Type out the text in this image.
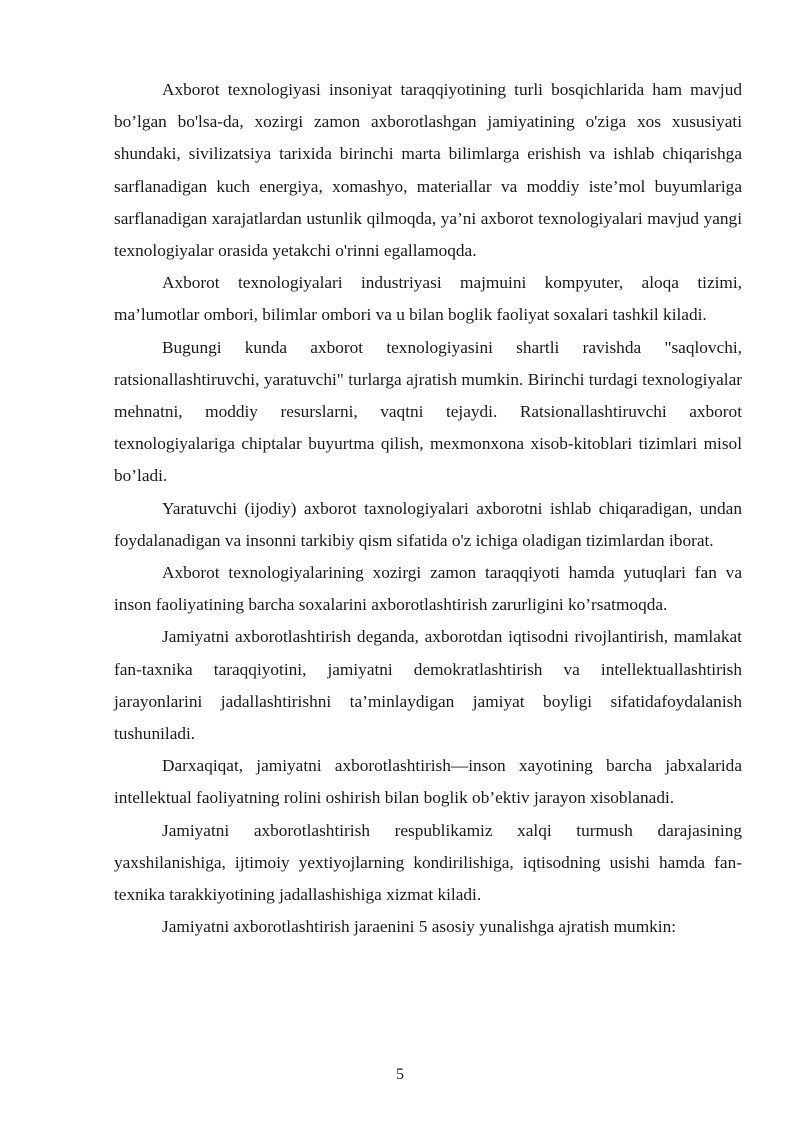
Axborot texnologiyasi insoniyat taraqqiyotining turli bosqichlarida ham mavjud bo’lgan bo'lsa-da, xozirgi zamon axborotlashgan jamiyatining o'ziga xos xususiyati shundaki, sivilizatsiya tarixida birinchi marta bilimlarga erishish va ishlab chiqarishga sarflanadigan kuch energiya, xomashyo, materiallar va moddiy iste’mol buyumlariga sarflanadigan xarajatlardan ustunlik qilmoqda, ya’ni axborot texnologiyalari mavjud yangi texnologiyalar orasida yetakchi o'rinni egallamoqda.

Axborot texnologiyalari industriyasi majmuini kompyuter, aloqa tizimi, ma’lumotlar ombori, bilimlar ombori va u bilan boglik faoliyat soxalari tashkil kiladi.

Bugungi kunda axborot texnologiyasini shartli ravishda "saqlovchi, ratsionallashtiruvchi, yaratuvchi" turlarga ajratish mumkin. Birinchi turdagi texnologiyalar mehnatni, moddiy resurslarni, vaqtni tejaydi. Ratsionallashtiruvchi axborot texnologiyalariga chiptalar buyurtma qilish, mexmonxona xisob-kitoblari tizimlari misol bo’ladi.

Yaratuvchi (ijodiy) axborot taxnologiyalari axborotni ishlab chiqaradigan, undan foydalanadigan va insonni tarkibiy qism sifatida o'z ichiga oladigan tizimlardan iborat.

Axborot texnologiyalarining xozirgi zamon taraqqiyoti hamda yutuqlari fan va inson faoliyatining barcha soxalarini axborotlashtirish zarurligini ko’rsatmoqda.

Jamiyatni axborotlashtirish deganda, axborotdan iqtisodni rivojlantirish, mamlakat fan-taxnika taraqqiyotini, jamiyatni demokratlashtirish va intellektuallashtirish jarayonlarini jadallashtirishni ta’minlaydigan jamiyat boyligi sifatidafoydalanish tushuniladi.

Darxaqiqat, jamiyatni axborotlashtirish—inson xayotining barcha jabxalarida intellektual faoliyatning rolini oshirish bilan boglik ob’ektiv jarayon xisoblanadi.

Jamiyatni axborotlashtirish respublikamiz xalqi turmush darajasining yaxshilanishiga, ijtimoiy yextiyojlarning kondirilishiga, iqtisodning usishi hamda fan-texnika tarakkiyotining jadallashishiga xizmat kiladi.

Jamiyatni axborotlashtirish jaraenini 5 asosiy yunalishga ajratish mumkin:

5
